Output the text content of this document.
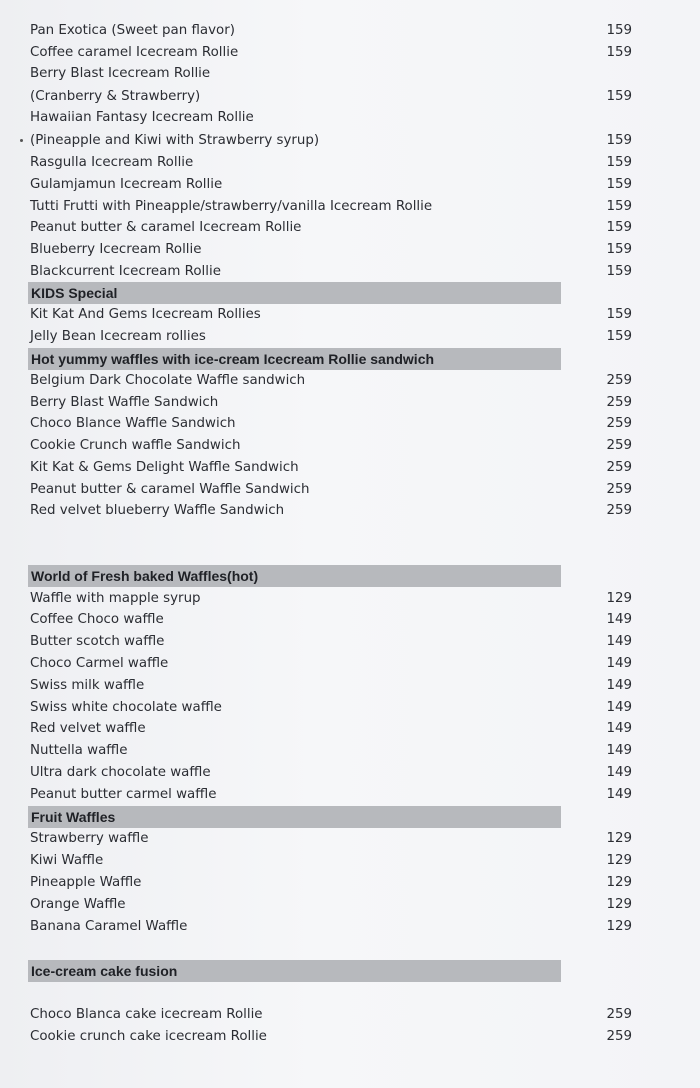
Pan Exotica (Sweet pan flavor)	159
Coffee caramel Icecream Rollie	159
Berry Blast Icecream Rollie
(Cranberry & Strawberry)	159
Hawaiian Fantasy Icecream Rollie
(Pineapple and Kiwi with Strawberry syrup)	159
Rasgulla Icecream Rollie	159
Gulamjamun Icecream Rollie	159
Tutti Frutti with Pineapple/strawberry/vanilla Icecream Rollie	159
Peanut butter & caramel Icecream Rollie	159
Blueberry Icecream Rollie	159
Blackcurrent Icecream Rollie	159
KIDS Special
Kit Kat And Gems Icecream Rollies	159
Jelly Bean Icecream rollies	159
Hot yummy waffles with ice-cream Icecream Rollie sandwich
Belgium Dark Chocolate Waffle sandwich	259
Berry Blast Waffle Sandwich	259
Choco Blance Waffle Sandwich	259
Cookie Crunch waffle Sandwich	259
Kit Kat & Gems Delight Waffle Sandwich	259
Peanut butter & caramel Waffle Sandwich	259
Red velvet blueberry Waffle Sandwich	259
World of Fresh baked Waffles(hot)
Waffle with mapple syrup	129
Coffee Choco waffle	149
Butter scotch waffle	149
Choco Carmel waffle	149
Swiss milk waffle	149
Swiss white chocolate waffle	149
Red velvet waffle	149
Nuttella waffle	149
Ultra dark chocolate waffle	149
Peanut butter carmel waffle	149
Fruit Waffles
Strawberry waffle	129
Kiwi Waffle	129
Pineapple Waffle	129
Orange Waffle	129
Banana Caramel Waffle	129
Ice-cream cake fusion
Choco Blanca cake icecream Rollie	259
Cookie crunch cake icecream Rollie	259
